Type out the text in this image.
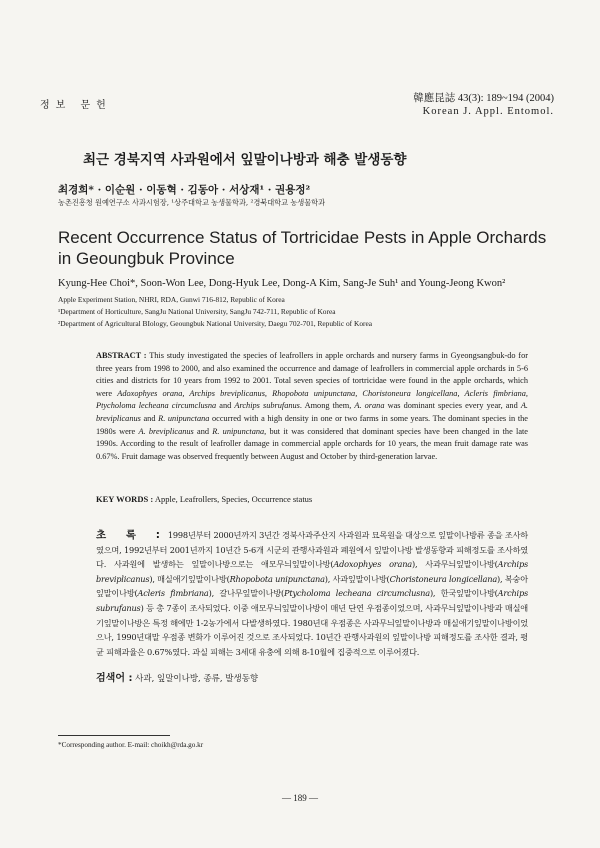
정보 문헌
韓應昆誌 43(3): 189~194 (2004)
Korean J. Appl. Entomol.
최근 경북지역 사과원에서 잎말이나방과 해충 발생동향
최경희* · 이순원 · 이동혁 · 김동아 · 서상재¹ · 권용정²
농촌진흥청 원예연구소 사과시험장, ¹상주대학교 농생물학과, ²경북대학교 농생물학과
Recent Occurrence Status of Tortricidae Pests in Apple Orchards in Geoungbuk Province
Kyung-Hee Choi*, Soon-Won Lee, Dong-Hyuk Lee, Dong-A Kim, Sang-Je Suh¹ and Young-Jeong Kwon²
Apple Experiment Station, NHRI, RDA, Gunwi 716-812, Republic of Korea
¹Department of Horticulture, SangJu National University, SangJu 742-711, Republic of Korea
²Department of Agricultural BIology, Geoungbuk National University, Daegu 702-701, Republic of Korea
ABSTRACT : This study investigated the species of leafrollers in apple orchards and nursery farms in Gyeongsangbuk-do for three years from 1998 to 2000, and also examined the occurrence and damage of leafrollers in commercial apple orchards in 5-6 cities and districts for 10 years from 1992 to 2001. Total seven species of tortricidae were found in the apple orchards, which were Adoxophyes orana, Archips breviplicanus, Rhopobota unipunctana, Choristoneura longicellana, Acleris fimbriana, Ptycholoma lecheana circumclusna and Archips subrufanus. Among them, A. orana was dominant species every year, and A. breviplicanus and R. unipunctana occurred with a high density in one or two farms in some years. The dominant species in the 1980s were A. breviplicanus and R. unipunctana, but it was considered that dominant species have been changed in the late 1990s. According to the result of leafroller damage in commercial apple orchards for 10 years, the mean fruit damage rate was 0.67%. Fruit damage was observed frequently between August and October by third-generation larvae.
KEY WORDS : Apple, Leafrollers, Species, Occurrence status
초 록 :1998년부터 2000년까지 3년간 경북사과주산지 사과원과 묘목원을 대상으로 잎말이나방류 종을 조사하였으며, 1992년부터 2001년까지 10년간 5-6개 시군의 관행사과원과 폐원에서 잎말이나방 발생동향과 피해정도를 조사하였다. 사과원에 발생하는 잎말이나방으로는 애모무늬잎말이나방(Adoxophyes orana), 사과무늬잎말이나방(Archips breviplicanus), 매실애기잎말이나방(Rhopobota unipunctana), 사과잎말이나방(Choristoneura longicellana), 복숭아잎말이나방(Acleris fimbriana), 갈나무잎말이나방(Ptycholoma lecheana circumclusna), 한국잎말이나방(Archips subrufanus) 등 총 7종이 조사되었다. 이중 애모무늬잎말이나방이 매년 단연 우점종이었으며, 사과무늬잎말이나방과 매실애기잎말이나방은 특정 해에만 1-2농가에서 다발생하였다. 1980년대 우점종은 사과무늬잎말이나방과 매실애기잎말이나방이었으나, 1990년대말 우점종 변화가 이루어진 것으로 조사되었다. 10년간 관행사과원의 잎말이나방 피해정도를 조사한 결과, 평균 피해과율은 0.67%였다. 과실 피해는 3세대 유충에 의해 8-10월에 집중적으로 이루어졌다.
검색어 : 사과, 잎말이나방, 종류, 발생동향
*Corresponding author. E-mail: choikh@rda.go.kr
— 189 —
